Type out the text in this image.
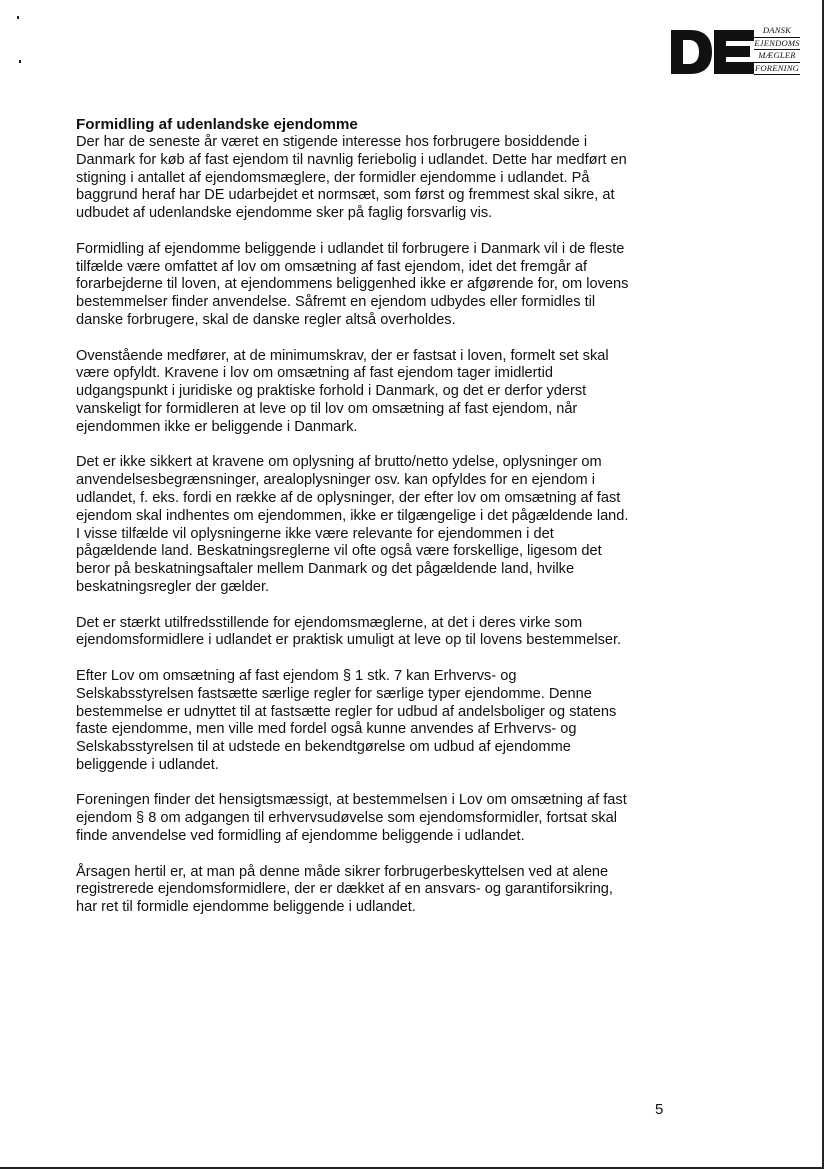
DANSK
EJENDOMS
MÆGLER
FORENING
Formidling af udenlandske ejendomme

Der har de seneste år været en stigende interesse hos forbrugere bosiddende i
Danmark for køb af fast ejendom til navnlig feriebolig i udlandet. Dette har medført en
stigning i antallet af ejendomsmæglere, der formidler ejendomme i udlandet. På
baggrund heraf har DE udarbejdet et normsæt, som først og fremmest skal sikre, at
udbudet af udenlandske ejendomme sker på faglig forsvarlig vis.

Formidling af ejendomme beliggende i udlandet til forbrugere i Danmark vil i de fleste
tilfælde være omfattet af lov om omsætning af fast ejendom, idet det fremgår af
forarbejderne til loven, at ejendommens beliggenhed ikke er afgørende for, om lovens
bestemmelser finder anvendelse. Såfremt en ejendom udbydes eller formidles til
danske forbrugere, skal de danske regler altså overholdes.

Ovenstående medfører, at de minimumskrav, der er fastsat i loven, formelt set skal
være opfyldt. Kravene i lov om omsætning af fast ejendom tager imidlertid
udgangspunkt i juridiske og praktiske forhold i Danmark, og det er derfor yderst
vanskeligt for formidleren at leve op til lov om omsætning af fast ejendom, når
ejendommen ikke er beliggende i Danmark.

Det er ikke sikkert at kravene om oplysning af brutto/netto ydelse, oplysninger om
anvendelsesbegrænsninger, arealoplysninger osv. kan opfyldes for en ejendom i
udlandet, f. eks. fordi en række af de oplysninger, der efter lov om omsætning af fast
ejendom skal indhentes om ejendommen, ikke er tilgængelige i det pågældende land.
I visse tilfælde vil oplysningerne ikke være relevante for ejendommen i det
pågældende land. Beskatningsreglerne vil ofte også være forskellige, ligesom det
beror på beskatningsaftaler mellem Danmark og det pågældende land, hvilke
beskatningsregler der gælder.

Det er stærkt utilfredsstillende for ejendomsmæglerne, at det i deres virke som
ejendomsformidlere i udlandet er praktisk umuligt at leve op til lovens bestemmelser.

Efter Lov om omsætning af fast ejendom § 1 stk. 7 kan Erhvervs- og
Selskabsstyrelsen fastsætte særlige regler for særlige typer ejendomme. Denne
bestemmelse er udnyttet til at fastsætte regler for udbud af andelsboliger og statens
faste ejendomme, men ville med fordel også kunne anvendes af Erhvervs- og
Selskabsstyrelsen til at udstede en bekendtgørelse om udbud af ejendomme
beliggende i udlandet.

Foreningen finder det hensigtsmæssigt, at bestemmelsen i Lov om omsætning af fast
ejendom § 8 om adgangen til erhvervsudøvelse som ejendomsformidler, fortsat skal
finde anvendelse ved formidling af ejendomme beliggende i udlandet.

Årsagen hertil er, at man på denne måde sikrer forbrugerbeskyttelsen ved at alene
registrerede ejendomsformidlere, der er dækket af en ansvars- og garantiforsikring,
har ret til formidle ejendomme beliggende i udlandet.

5
